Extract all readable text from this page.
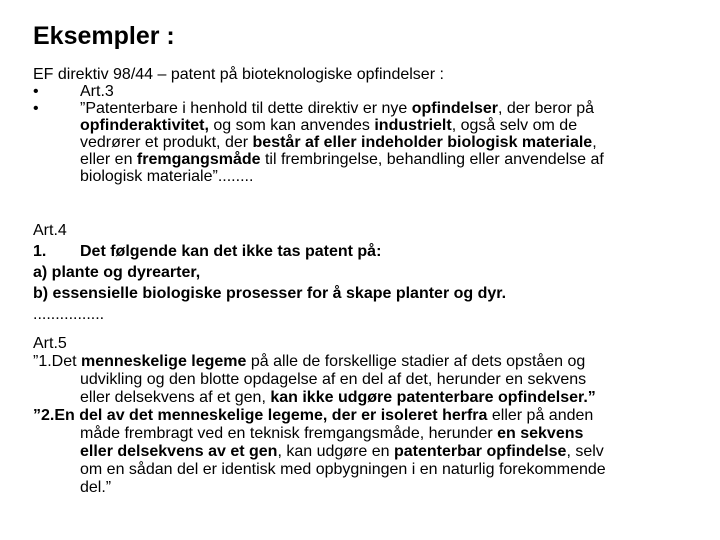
Eksempler :
EF direktiv 98/44 – patent på bioteknologiske opfindelser :
•	Art.3
•	”Patenterbare i henhold til dette direktiv er nye opfindelser, der beror på
opfinderaktivitet, og som kan anvendes industrielt, også selv om de
vedrører et produkt, der består af eller indeholder biologisk materiale,
eller en fremgangsmåde til frembringelse, behandling eller anvendelse af
biologisk materiale”........
Art.4
1. Det følgende kan det ikke tas patent på:
a) plante og dyrearter,
b) essensielle biologiske prosesser for å skape planter og dyr.
................
Art.5
”1.Det menneskelige legeme på alle de forskellige stadier af dets opståen og
udvikling og den blotte opdagelse af en del af det, herunder en sekvens
eller delsekvens af et gen, kan ikke udgøre patenterbare opfindelser.”
”2.En del av det menneskelige legeme, der er isoleret herfra eller på anden
måde frembragt ved en teknisk fremgangsmåde, herunder en sekvens
eller delsekvens av et gen, kan udgøre en patenterbar opfindelse, selv
om en sådan del er identisk med opbygningen i en naturlig forekommende
del.”
